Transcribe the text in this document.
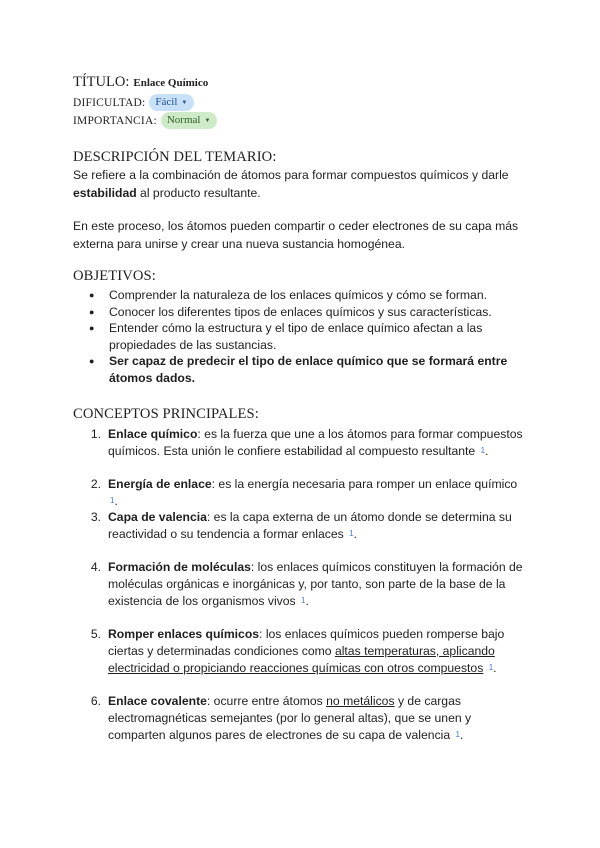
TÍTULO: Enlace Químico
DIFICULTAD: Fácil ▼
IMPORTANCIA: Normal ▼
DESCRIPCIÓN DEL TEMARIO:
Se refiere a la combinación de átomos para formar compuestos químicos y darle
estabilidad al producto resultante.
En este proceso, los átomos pueden compartir o ceder electrones de su capa más externa para unirse y crear una nueva sustancia homogénea.
OBJETIVOS:
● Comprender la naturaleza de los enlaces químicos y cómo se forman.
● Conocer los diferentes tipos de enlaces químicos y sus características.
● Entender cómo la estructura y el tipo de enlace químico afectan a las propiedades de las sustancias.
● Ser capaz de predecir el tipo de enlace químico que se formará entre átomos dados.
CONCEPTOS PRINCIPALES:
1. Enlace químico: es la fuerza que une a los átomos para formar compuestos químicos. Esta unión le confiere estabilidad al compuesto resultante 1.
2. Energía de enlace: es la energía necesaria para romper un enlace químico 1.
3. Capa de valencia: es la capa externa de un átomo donde se determina su reactividad o su tendencia a formar enlaces 1.
4. Formación de moléculas: los enlaces químicos constituyen la formación de moléculas orgánicas e inorgánicas y, por tanto, son parte de la base de la existencia de los organismos vivos 1.
5. Romper enlaces químicos: los enlaces químicos pueden romperse bajo ciertas y determinadas condiciones como altas temperaturas, aplicando electricidad o propiciando reacciones químicas con otros compuestos 1.
6. Enlace covalente: ocurre entre átomos no metálicos y de cargas electromagnéticas semejantes (por lo general altas), que se unen y comparten algunos pares de electrones de su capa de valencia 1.
